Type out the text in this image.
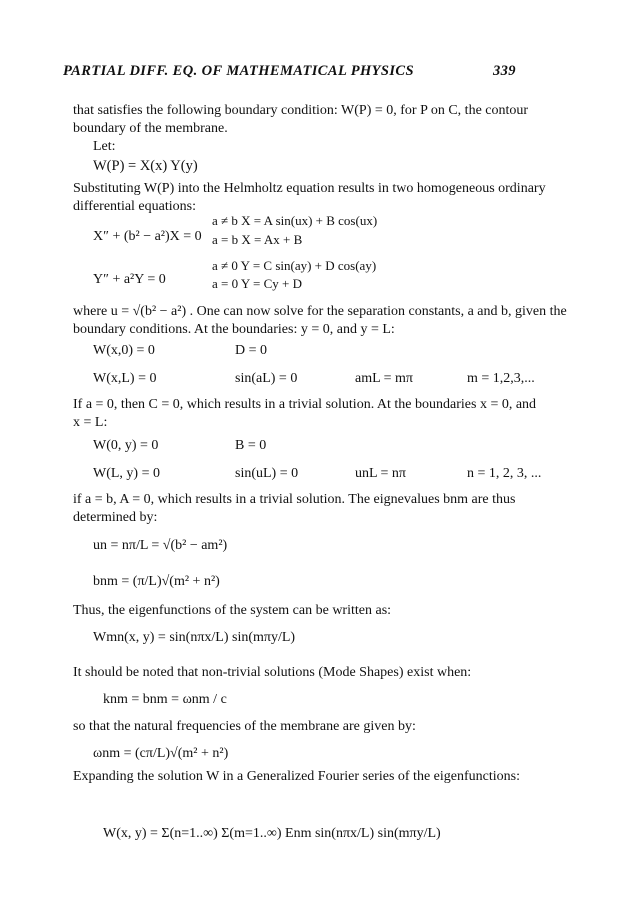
PARTIAL DIFF. EQ. OF MATHEMATICAL PHYSICS	339
that satisfies the following boundary condition: W(P) = 0, for P on C, the contour
boundary of the membrane.
Let:
W(P) = X(x) Y(y)
Substituting W(P) into the Helmholtz equation results in two homogeneous ordinary
differential equations:
X″ + (b² − a²)X = 0
a ≠ b X = A sin(ux) + B cos(ux)
a = b X = Ax + B
Y″ + a²Y = 0
a ≠ 0 Y = C sin(ay) + D cos(ay)
a = 0 Y = Cy + D
where u = √(b² − a²) . One can now solve for the separation constants, a and b, given the
boundary conditions. At the boundaries: y = 0, and y = L:
W(x,0) = 0	D = 0
W(x,L) = 0	sin(aL) = 0	amL = mπ	m = 1,2,3,...
If a = 0, then C = 0, which results in a trivial solution. At the boundaries x = 0, and
x = L:
W(0, y) = 0	B = 0
W(L, y) = 0	sin(uL) = 0	unL = nπ	n = 1, 2, 3, ...
if a = b, A = 0, which results in a trivial solution. The eignevalues bnm are thus
determined by:
un = nπ/L = √(b² − am²)
bnm = (π/L)√(m² + n²)
Thus, the eigenfunctions of the system can be written as:
Wmn(x, y) = sin(nπx/L) sin(mπy/L)
It should be noted that non-trivial solutions (Mode Shapes) exist when:
knm = bnm = ωnm / c
so that the natural frequencies of the membrane are given by:
ωnm = (cπ/L)√(m² + n²)
Expanding the solution W in a Generalized Fourier series of the eigenfunctions:
W(x, y) = Σ(n=1..∞) Σ(m=1..∞) Enm sin(nπx/L) sin(mπy/L)
